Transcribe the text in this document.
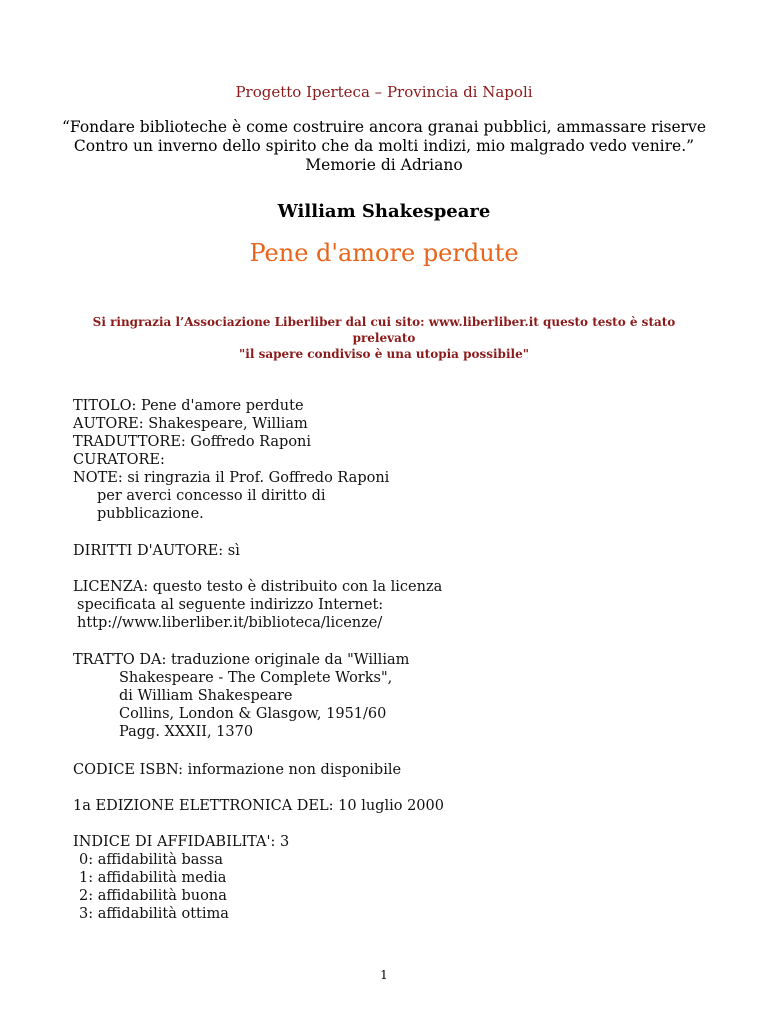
Progetto Iperteca – Provincia di Napoli
“Fondare biblioteche è come costruire ancora granai pubblici, ammassare riserve
Contro un inverno dello spirito che da molti indizi, mio malgrado vedo venire.”
Memorie di Adriano
William Shakespeare
Pene d'amore perdute
Si ringrazia l’Associazione Liberliber dal cui sito: www.liberliber.it questo testo è stato
prelevato
"il sapere condiviso è una utopia possibile"
TITOLO: Pene d'amore perdute
AUTORE: Shakespeare, William
TRADUTTORE: Goffredo Raponi
CURATORE:
NOTE: si ringrazia il Prof. Goffredo Raponi
per averci concesso il diritto di
pubblicazione.
DIRITTI D'AUTORE: sì
LICENZA: questo testo è distribuito con la licenza
specificata al seguente indirizzo Internet:
http://www.liberliber.it/biblioteca/licenze/
TRATTO DA: traduzione originale da "William
Shakespeare - The Complete Works",
di William Shakespeare
Collins, London & Glasgow, 1951/60
Pagg. XXXII, 1370
CODICE ISBN: informazione non disponibile
1a EDIZIONE ELETTRONICA DEL: 10 luglio 2000
INDICE DI AFFIDABILITA': 3
0: affidabilità bassa
1: affidabilità media
2: affidabilità buona
3: affidabilità ottima
1
